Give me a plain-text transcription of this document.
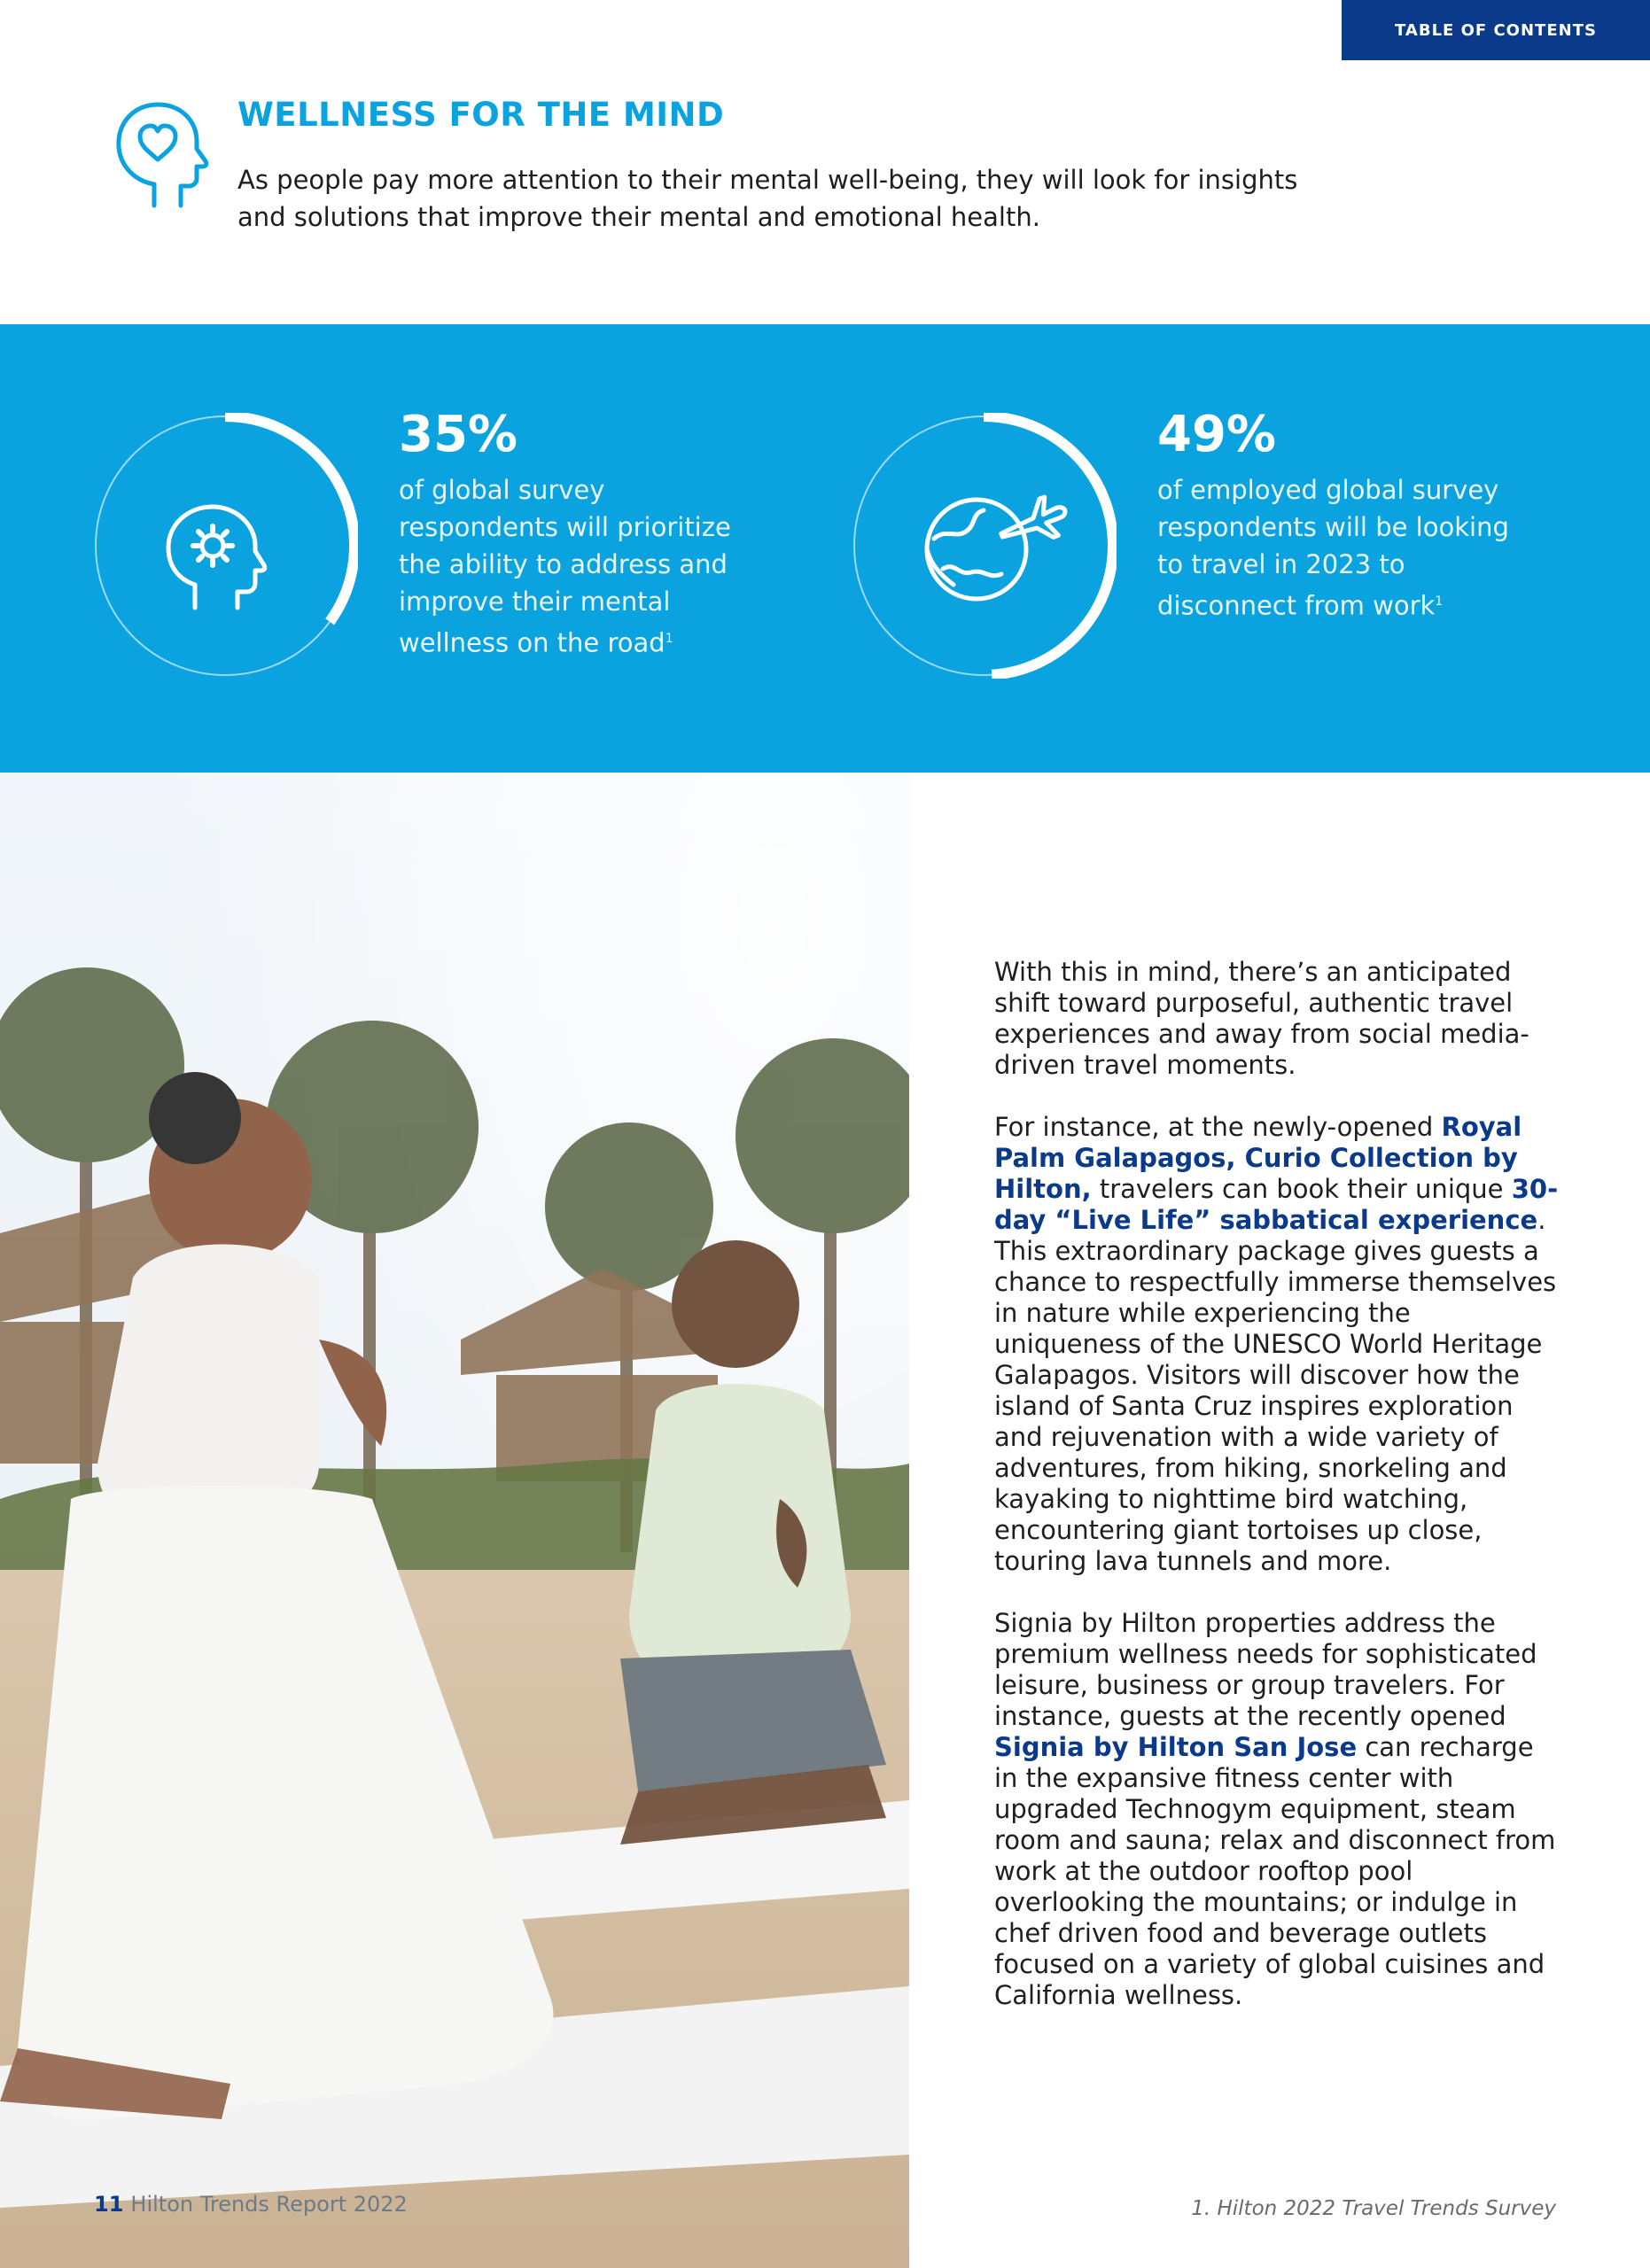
TABLE OF CONTENTS
WELLNESS FOR THE MIND

As people pay more attention to their mental well-being, they will look for insights and solutions that improve their mental and emotional health.

35%

of global survey respondents will prioritize the ability to address and improve their mental wellness on the road$^1$

49%

of employed global survey respondents will be looking to travel in 2023 to disconnect from work$^1$

With this in mind, there’s an anticipated shift toward purposeful, authentic travel experiences and away from social media-driven travel moments.

For instance, at the newly-opened Royal Palm Galapagos, Curio Collection by Hilton, travelers can book their unique 30-day “Live Life” sabbatical experience. This extraordinary package gives guests a chance to respectfully immerse themselves in nature while experiencing the uniqueness of the UNESCO World Heritage Galapagos. Visitors will discover how the island of Santa Cruz inspires exploration and rejuvenation with a wide variety of adventures, from hiking, snorkeling and kayaking to nighttime bird watching, encountering giant tortoises up close, touring lava tunnels and more.

Signia by Hilton properties address the premium wellness needs for sophisticated leisure, business or group travelers. For instance, guests at the recently opened Signia by Hilton San Jose can recharge in the expansive fitness center with upgraded Technogym equipment, steam room and sauna; relax and disconnect from work at the outdoor rooftop pool overlooking the mountains; or indulge in chef driven food and beverage outlets focused on a variety of global cuisines and California wellness.

11 Hilton Trends Report 2022	1. Hilton 2022 Travel Trends Survey
